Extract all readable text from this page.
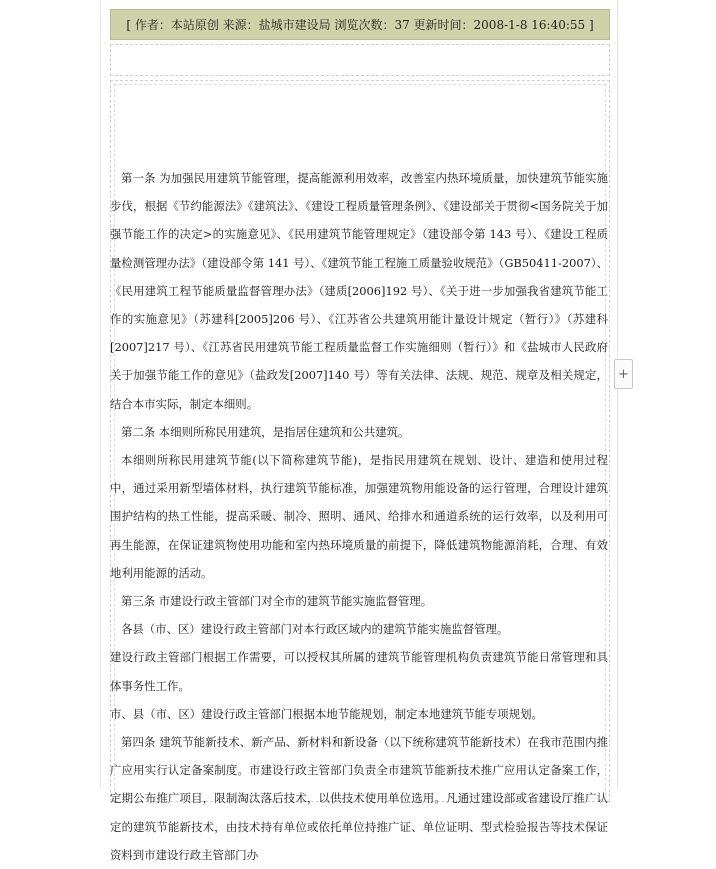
[ 作者：本站原创 来源：盐城市建设局 浏览次数：37 更新时间：2008-1-8 16:40:55 ]

第一条 为加强民用建筑节能管理，提高能源利用效率，改善室内热环境质量，加快建筑节能实施步伐，根据《节约能源法》《建筑法》、《建设工程质量管理条例》、《建设部关于贯彻<国务院关于加强节能工作的决定>的实施意见》、《民用建筑节能管理规定》（建设部令第 143 号）、《建设工程质量检测管理办法》（建设部令第 141 号）、《建筑节能工程施工质量验收规范》（GB50411-2007）、《民用建筑工程节能质量监督管理办法》（建质[2006]192 号）、《关于进一步加强我省建筑节能工作的实施意见》（苏建科[2005]206 号）、《江苏省公共建筑用能计量设计规定（暂行）》（苏建科[2007]217 号）、《江苏省民用建筑节能工程质量监督工作实施细则（暂行）》和《盐城市人民政府关于加强节能工作的意见》（盐政发[2007]140 号）等有关法律、法规、规范、规章及相关规定，结合本市实际，制定本细则。

第二条 本细则所称民用建筑，是指居住建筑和公共建筑。

本细则所称民用建筑节能(以下简称建筑节能)，是指民用建筑在规划、设计、建造和使用过程中，通过采用新型墙体材料，执行建筑节能标准，加强建筑物用能设备的运行管理，合理设计建筑围护结构的热工性能，提高采暖、制冷、照明、通风、给排水和通道系统的运行效率，以及利用可再生能源，在保证建筑物使用功能和室内热环境质量的前提下，降低建筑物能源消耗，合理、有效地利用能源的活动。

第三条 市建设行政主管部门对全市的建筑节能实施监督管理。

各县（市、区）建设行政主管部门对本行政区域内的建筑节能实施监督管理。

建设行政主管部门根据工作需要，可以授权其所属的建筑节能管理机构负责建筑节能日常管理和具体事务性工作。

市、县（市、区）建设行政主管部门根据本地节能规划，制定本地建筑节能专项规划。

第四条 建筑节能新技术、新产品、新材料和新设备（以下统称建筑节能新技术）在我市范围内推广应用实行认定备案制度。市建设行政主管部门负责全市建筑节能新技术推广应用认定备案工作，定期公布推广项目，限制淘汰落后技术，以供技术使用单位选用。凡通过建设部或省建设厅推广认定的建筑节能新技术，由技术持有单位或依托单位持推广证、单位证明、型式检验报告等技术保证资料到市建设行政主管部门办

+
